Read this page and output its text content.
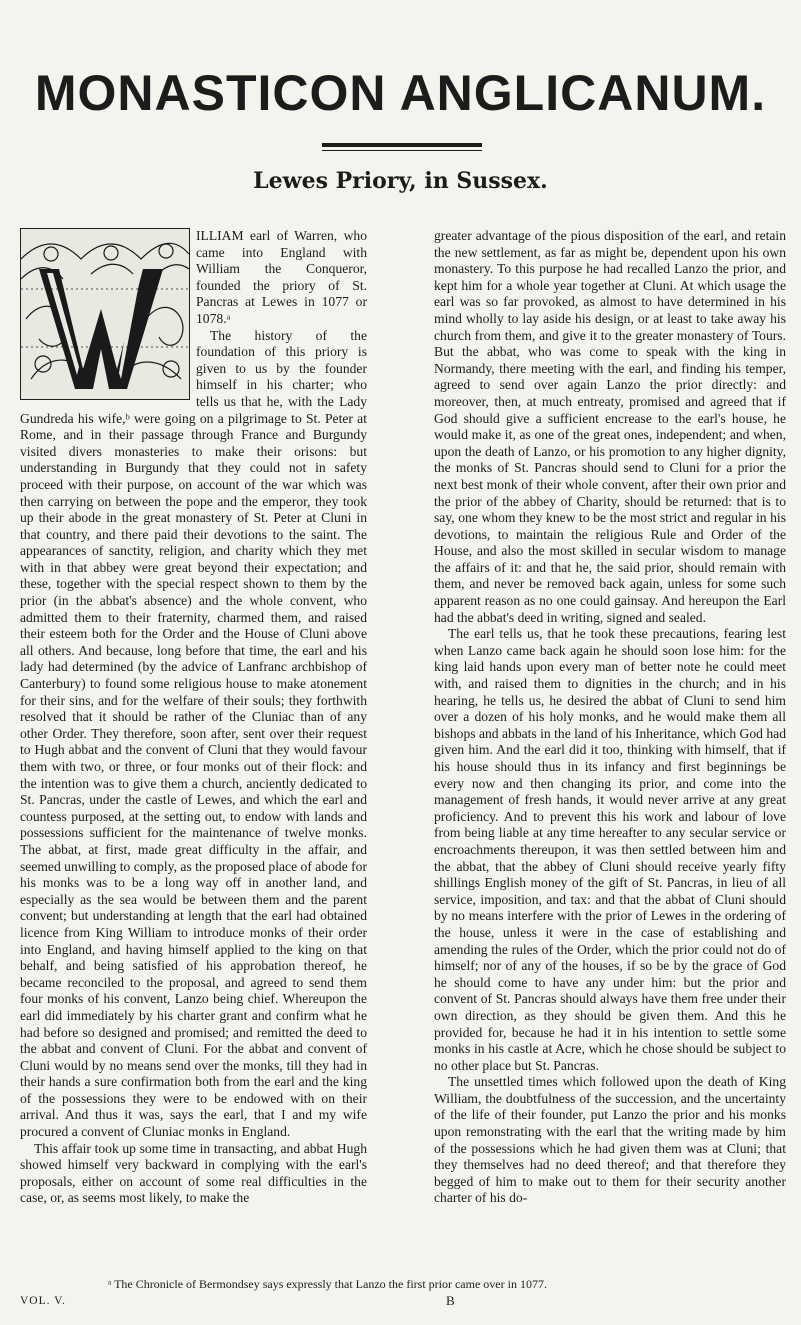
MONASTICON ANGLICANUM.
Lewes Priory, in Sussex.

ILLIAM earl of Warren, who came into England with William the Conqueror, founded the priory of St. Pancras at Lewes in 1077 or 1078.ᵃ

The history of the foundation of this priory is given to us by the founder himself in his charter; who tells us that he, with the Lady Gundreda his wife,ᵇ were going on a pilgrimage to St. Peter at Rome, and in their passage through France and Burgundy visited divers monasteries to make their orisons: but understanding in Burgundy that they could not in safety proceed with their purpose, on account of the war which was then carrying on between the pope and the emperor, they took up their abode in the great monastery of St. Peter at Cluni in that country, and there paid their devotions to the saint. The appearances of sanctity, religion, and charity which they met with in that abbey were great beyond their expectation; and these, together with the special respect shown to them by the prior (in the abbat's absence) and the whole convent, who admitted them to their fraternity, charmed them, and raised their esteem both for the Order and the House of Cluni above all others. And because, long before that time, the earl and his lady had determined (by the advice of Lanfranc archbishop of Canterbury) to found some religious house to make atonement for their sins, and for the welfare of their souls; they forthwith resolved that it should be rather of the Cluniac than of any other Order. They therefore, soon after, sent over their request to Hugh abbat and the convent of Cluni that they would favour them with two, or three, or four monks out of their flock: and the intention was to give them a church, anciently dedicated to St. Pancras, under the castle of Lewes, and which the earl and countess purposed, at the setting out, to endow with lands and possessions sufficient for the maintenance of twelve monks. The abbat, at first, made great difficulty in the affair, and seemed unwilling to comply, as the proposed place of abode for his monks was to be a long way off in another land, and especially as the sea would be between them and the parent convent; but understanding at length that the earl had obtained licence from King William to introduce monks of their order into England, and having himself applied to the king on that behalf, and being satisfied of his approbation thereof, he became reconciled to the proposal, and agreed to send them four monks of his convent, Lanzo being chief. Whereupon the earl did immediately by his charter grant and confirm what he had before so designed and promised; and remitted the deed to the abbat and convent of Cluni. For the abbat and convent of Cluni would by no means send over the monks, till they had in their hands a sure confirmation both from the earl and the king of the possessions they were to be endowed with on their arrival. And thus it was, says the earl, that I and my wife procured a convent of Cluniac monks in England.

This affair took up some time in transacting, and abbat Hugh showed himself very backward in complying with the earl's proposals, either on account of some real difficulties in the case, or, as seems most likely, to make the

greater advantage of the pious disposition of the earl, and retain the new settlement, as far as might be, dependent upon his own monastery. To this purpose he had recalled Lanzo the prior, and kept him for a whole year together at Cluni. At which usage the earl was so far provoked, as almost to have determined in his mind wholly to lay aside his design, or at least to take away his church from them, and give it to the greater monastery of Tours. But the abbat, who was come to speak with the king in Normandy, there meeting with the earl, and finding his temper, agreed to send over again Lanzo the prior directly: and moreover, then, at much entreaty, promised and agreed that if God should give a sufficient encrease to the earl's house, he would make it, as one of the great ones, independent; and when, upon the death of Lanzo, or his promotion to any higher dignity, the monks of St. Pancras should send to Cluni for a prior the next best monk of their whole convent, after their own prior and the prior of the abbey of Charity, should be returned: that is to say, one whom they knew to be the most strict and regular in his devotions, to maintain the religious Rule and Order of the House, and also the most skilled in secular wisdom to manage the affairs of it: and that he, the said prior, should remain with them, and never be removed back again, unless for some such apparent reason as no one could gainsay. And hereupon the Earl had the abbat's deed in writing, signed and sealed.

The earl tells us, that he took these precautions, fearing lest when Lanzo came back again he should soon lose him: for the king laid hands upon every man of better note he could meet with, and raised them to dignities in the church; and in his hearing, he tells us, he desired the abbat of Cluni to send him over a dozen of his holy monks, and he would make them all bishops and abbats in the land of his Inheritance, which God had given him. And the earl did it too, thinking with himself, that if his house should thus in its infancy and first beginnings be every now and then changing its prior, and come into the management of fresh hands, it would never arrive at any great proficiency. And to prevent this his work and labour of love from being liable at any time hereafter to any secular service or encroachments thereupon, it was then settled between him and the abbat, that the abbey of Cluni should receive yearly fifty shillings English money of the gift of St. Pancras, in lieu of all service, imposition, and tax: and that the abbat of Cluni should by no means interfere with the prior of Lewes in the ordering of the house, unless it were in the case of establishing and amending the rules of the Order, which the prior could not do of himself; nor of any of the houses, if so be by the grace of God he should come to have any under him: but the prior and convent of St. Pancras should always have them free under their own direction, as they should be given them. And this he provided for, because he had it in his intention to settle some monks in his castle at Acre, which he chose should be subject to no other place but St. Pancras.

The unsettled times which followed upon the death of King William, the doubtfulness of the succession, and the uncertainty of the life of their founder, put Lanzo the prior and his monks upon remonstrating with the earl that the writing made by him of the possessions which he had given them was at Cluni; that they themselves had no deed thereof; and that therefore they begged of him to make out to them for their security another charter of his do-

ᵃ The Chronicle of Bermondsey says expressly that Lanzo the first prior came over in 1077.

VOL. V.	B
